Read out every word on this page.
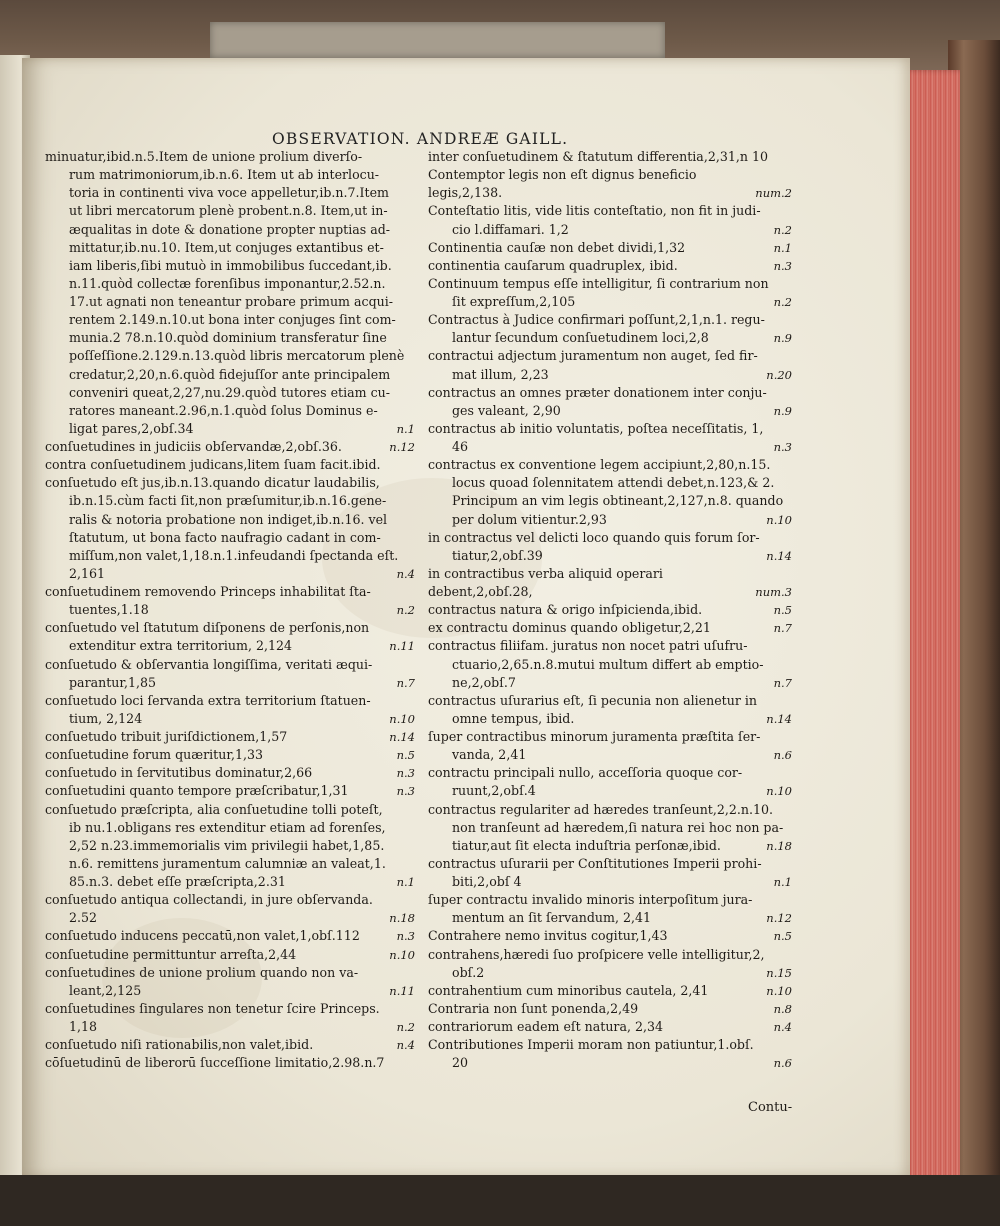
OBSERVATION. ANDREÆ GAILL.
minuatur,ibid.n.5.Item de unione prolium diverſo-
rum matrimoniorum,ib.n.6. Item ut ab interlocu-
toria in continenti viva voce appelletur,ib.n.7.Item
ut libri mercatorum plenè probent.n.8. Item,ut in-
æqualitas in dote & donatione propter nuptias ad-
mittatur,ib.nu.10. Item,ut conjuges extantibus et-
iam liberis,ſibi mutuò in immobilibus ſuccedant,ib.
n.11.quòd collectæ forenſibus imponantur,2.52.n.
17.ut agnati non teneantur probare primum acqui-
rentem 2.149.n.10.ut bona inter conjuges ſint com-
munia.2 78.n.10.quòd dominium transferatur ſine
poſſeſſione.2.129.n.13.quòd libris mercatorum plenè
credatur,2,20,n.6.quòd fidejuſſor ante principalem
conveniri queat,2,27,nu.29.quòd tutores etiam cu-
ratores maneant.2.96,n.1.quòd ſolus Dominus e-
ligat pares,2,obſ.34	n.1
conſuetudines in judiciis obſervandæ,2,obſ.36.	n.12
contra conſuetudinem judicans,litem ſuam facit.ibid.
conſuetudo eſt jus,ib.n.13.quando dicatur laudabilis,
ib.n.15.cùm facti ſit,non præſumitur,ib.n.16.gene-
ralis & notoria probatione non indiget,ib.n.16. vel
ſtatutum, ut bona facto naufragio cadant in com-
miſſum,non valet,1,18.n.1.infeudandi ſpectanda eſt.
2,161	n.4
conſuetudinem removendo Princeps inhabilitat ſta-
tuentes,1.18	n.2
conſuetudo vel ſtatutum diſponens de perſonis,non
extenditur extra territorium, 2,124	n.11
conſuetudo & obſervantia longiſſima, veritati æqui-
parantur,1,85	n.7
conſuetudo loci ſervanda extra territorium ſtatuen-
tium, 2,124	n.10
conſuetudo tribuit juriſdictionem,1,57	n.14
conſuetudine forum quæritur,1,33	n.5
conſuetudo in ſervitutibus dominatur,2,66	n.3
conſuetudini quanto tempore præſcribatur,1,31	n.3
conſuetudo præſcripta, alia conſuetudine tolli poteſt,
ib nu.1.obligans res extenditur etiam ad forenſes,
2,52 n.23.immemorialis vim privilegii habet,1,85.
n.6. remittens juramentum calumniæ an valeat,1.
85.n.3. debet eſſe præſcripta,2.31	n.1
conſuetudo antiqua collectandi, in jure obſervanda.
2.52	n.18
conſuetudo inducens peccatū,non valet,1,obſ.112	n.3
conſuetudine permittuntur arreſta,2,44	n.10
conſuetudines de unione prolium quando non va-
leant,2,125	n.11
conſuetudines ſingulares non tenetur ſcire Princeps.
1,18	n.2
conſuetudo niſi rationabilis,non valet,ibid.	n.4
cōſuetudinū de liberorū ſucceſſione limitatio,2.98.n.7
inter conſuetudinem & ſtatutum differentia,2,31,n 10
Contemptor legis non eſt dignus beneficio legis,2,138.	num.2
Conteſtatio litis, vide litis conteſtatio, non fit in judi-
cio l.diffamari. 1,2	n.2
Continentia cauſæ non debet dividi,1,32	n.1
continentia cauſarum quadruplex, ibid.	n.3
Continuum tempus eſſe intelligitur, ſi contrarium non
ſit expreſſum,2,105	n.2
Contractus à Judice confirmari poſſunt,2,1,n.1. regu-
lantur ſecundum conſuetudinem loci,2,8	n.9
contractui adjectum juramentum non auget, ſed fir-
mat illum, 2,23	n.20
contractus an omnes præter donationem inter conju-
ges valeant, 2,90	n.9
contractus ab initio voluntatis, poſtea neceſſitatis, 1,
46	n.3
contractus ex conventione legem accipiunt,2,80,n.15.
locus quoad ſolennitatem attendi debet,n.123,& 2.
Principum an vim legis obtineant,2,127,n.8. quando
per dolum vitientur.2,93	n.10
in contractus vel delicti loco quando quis forum ſor-
tiatur,2,obſ.39	n.14
in contractibus verba aliquid operari debent,2,obſ.28,	num.3
contractus natura & origo inſpicienda,ibid.	n.5
ex contractu dominus quando obligetur,2,21	n.7
contractus filiifam. juratus non nocet patri uſufru-
ctuario,2,65.n.8.mutui multum differt ab emptio-
ne,2,obſ.7	n.7
contractus uſurarius eſt, ſi pecunia non alienetur in
omne tempus, ibid.	n.14
ſuper contractibus minorum juramenta præſtita ſer-
vanda, 2,41	n.6
contractu principali nullo, acceſſoria quoque cor-
ruunt,2,obſ.4	n.10
contractus regulariter ad hæredes tranſeunt,2,2.n.10.
non tranſeunt ad hæredem,ſi natura rei hoc non pa-
tiatur,aut ſit electa induſtria perſonæ,ibid.	n.18
contractus uſurarii per Conſtitutiones Imperii prohi-
biti,2,obſ 4	n.1
ſuper contractu invalido minoris interpoſitum jura-
mentum an ſit ſervandum, 2,41	n.12
Contrahere nemo invitus cogitur,1,43	n.5
contrahens,hæredi ſuo proſpicere velle intelligitur,2,
obſ.2	n.15
contrahentium cum minoribus cautela, 2,41	n.10
Contraria non ſunt ponenda,2,49	n.8
contrariorum eadem eſt natura, 2,34	n.4
Contributiones Imperii moram non patiuntur,1.obſ.
20	n.6
Contu-
